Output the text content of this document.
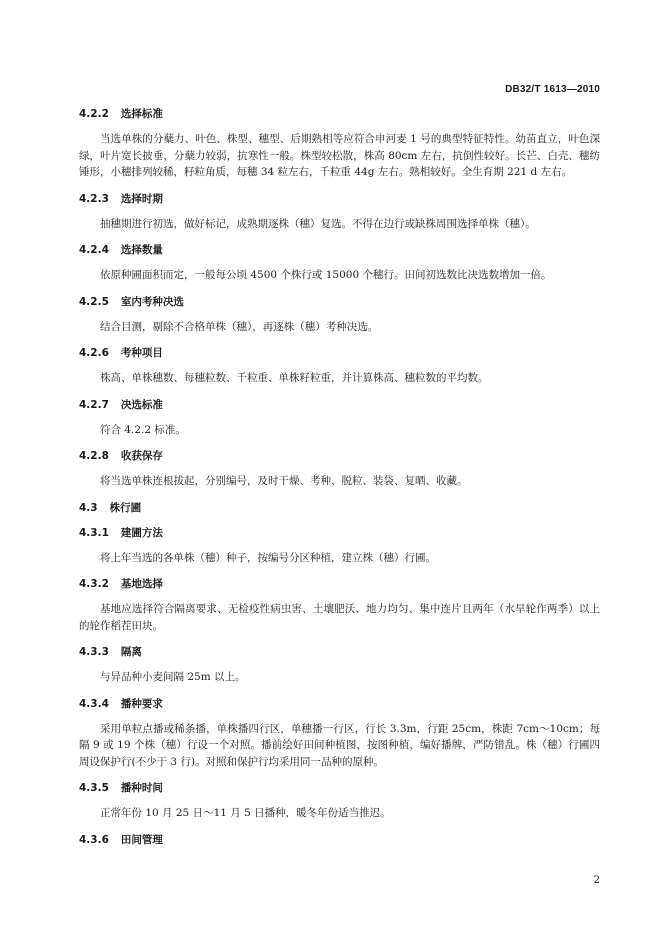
DB32/T 1613—2010
4.2.2 选择标准

当选单株的分蘖力、叶色、株型、穗型、后期熟相等应符合申河麦 1 号的典型特征特性。幼苗直立，叶色深绿，叶片宽长披垂，分蘖力较弱，抗寒性一般。株型较松散，株高 80cm 左右，抗倒性较好。长芒、白壳、穗纺锤形，小穗排列较稀，籽粒角质，每穗 34 粒左右，千粒重 44g 左右。熟相较好。全生育期 221 d 左右。

4.2.3 选择时期

抽穗期进行初选，做好标记，成熟期逐株（穗）复选。不得在边行或缺株周围选择单株（穗）。

4.2.4 选择数量

依原种圃面积而定，一般每公顷 4500 个株行或 15000 个穗行。田间初选数比决选数增加一倍。

4.2.5 室内考种决选

结合目测，剔除不合格单株（穗），再逐株（穗）考种决选。

4.2.6 考种项目

株高、单株穗数、每穗粒数、千粒重、单株籽粒重，并计算株高、穗粒数的平均数。

4.2.7 决选标准

符合 4.2.2 标准。

4.2.8 收获保存

将当选单株连根拔起，分别编号，及时干燥、考种、脱粒、装袋、复晒、收藏。

4.3 株行圃
4.3.1 建圃方法

将上年当选的各单株（穗）种子，按编号分区种植，建立株（穗）行圃。

4.3.2 基地选择

基地应选择符合隔离要求、无检疫性病虫害、土壤肥沃、地力均匀、集中连片且两年（水旱轮作两季）以上的轮作稻茬田块。

4.3.3 隔离

与异品种小麦间隔 25m 以上。

4.3.4 播种要求

采用单粒点播或稀条播，单株播四行区，单穗播一行区，行长 3.3m，行距 25cm，株距 7cm～10cm；每隔 9 或 19 个株（穗）行设一个对照。播前绘好田间种植图，按图种植，编好播牌，严防错乱。株（穗）行圃四周设保护行(不少于 3 行)。对照和保护行均采用同一品种的原种。

4.3.5 播种时间

正常年份 10 月 25 日～11 月 5 日播种，暖冬年份适当推迟。

4.3.6 田间管理
2
